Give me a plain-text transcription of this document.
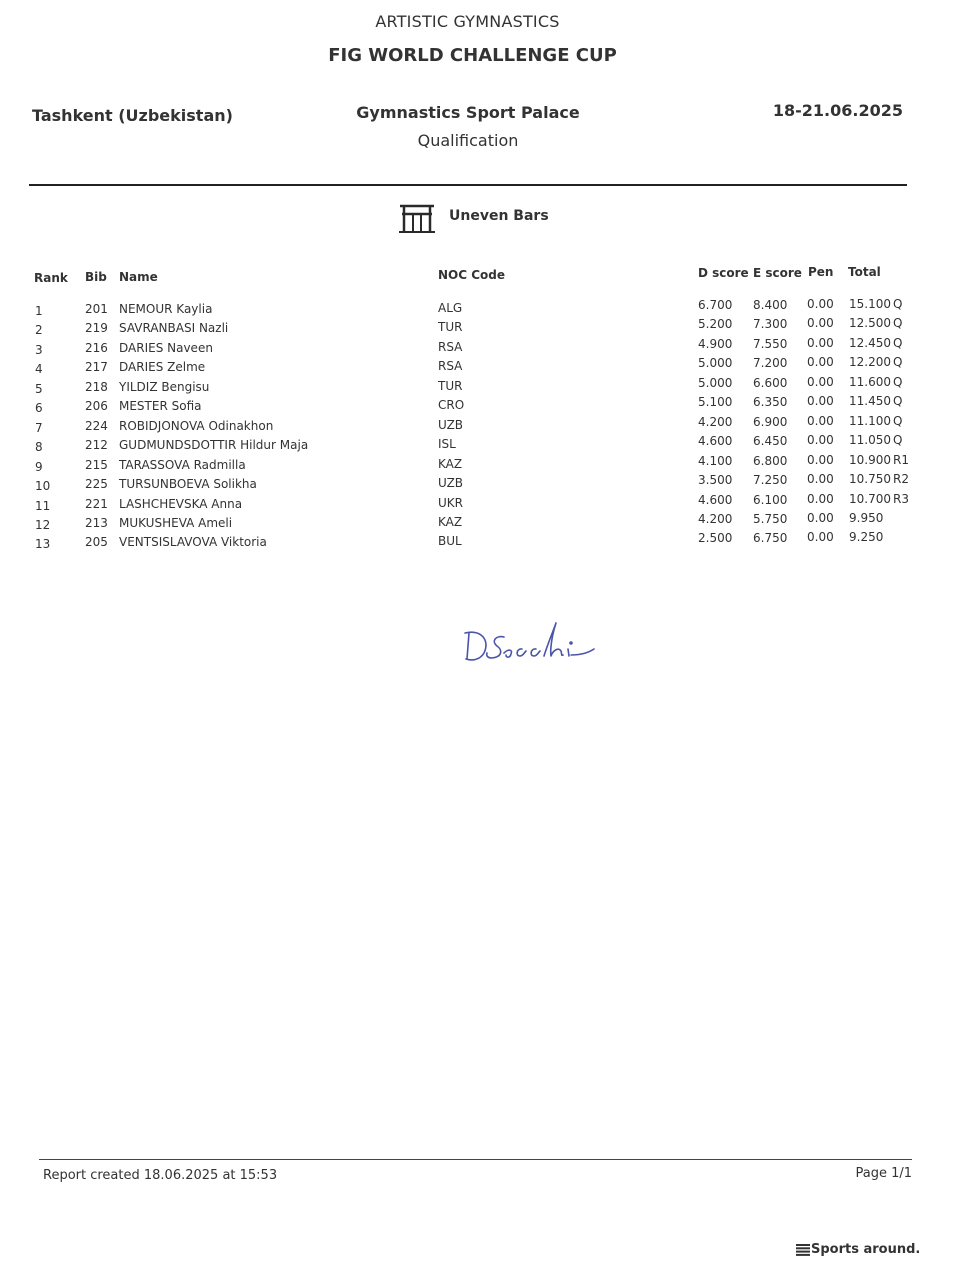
ARTISTIC GYMNASTICS
FIG WORLD CHALLENGE CUP
Tashkent (Uzbekistan)	Gymnastics Sport Palace
Qualification
18-21.06.2025
Uneven Bars
Rank Bib Name	NOC Code	D score E score Pen Total
1	201 NEMOUR Kaylia	ALG	6.700 8.400 0.00 15.100 Q
2	219 SAVRANBASI Nazli	TUR	5.200 7.300 0.00 12.500 Q
3	216 DARIES Naveen	RSA	4.900 7.550 0.00 12.450 Q
4	217 DARIES Zelme	RSA	5.000 7.200 0.00 12.200 Q
5	218 YILDIZ Bengisu	TUR	5.000 6.600 0.00 11.600 Q
6	206 MESTER Sofia	CRO	5.100 6.350 0.00 11.450 Q
7	224 ROBIDJONOVA Odinakhon	UZB	4.200 6.900 0.00 11.100 Q
8	212 GUDMUNDSDOTTIR Hildur Maja	ISL	4.600 6.450 0.00 11.050 Q
9	215 TARASSOVA Radmilla	KAZ	4.100 6.800 0.00 10.900 R1
10	225 TURSUNBOEVA Solikha	UZB	3.500 7.250 0.00 10.750 R2
11	221 LASHCHEVSKA Anna	UKR	4.600 6.100 0.00 10.700 R3
12	213 MUKUSHEVA Ameli	KAZ	4.200 5.750 0.00 9.950
13	205 VENTSISLAVOVA Viktoria	BUL	2.500 6.750 0.00 9.250
Report created 18.06.2025 at 15:53	Page 1/1
Sports around.
